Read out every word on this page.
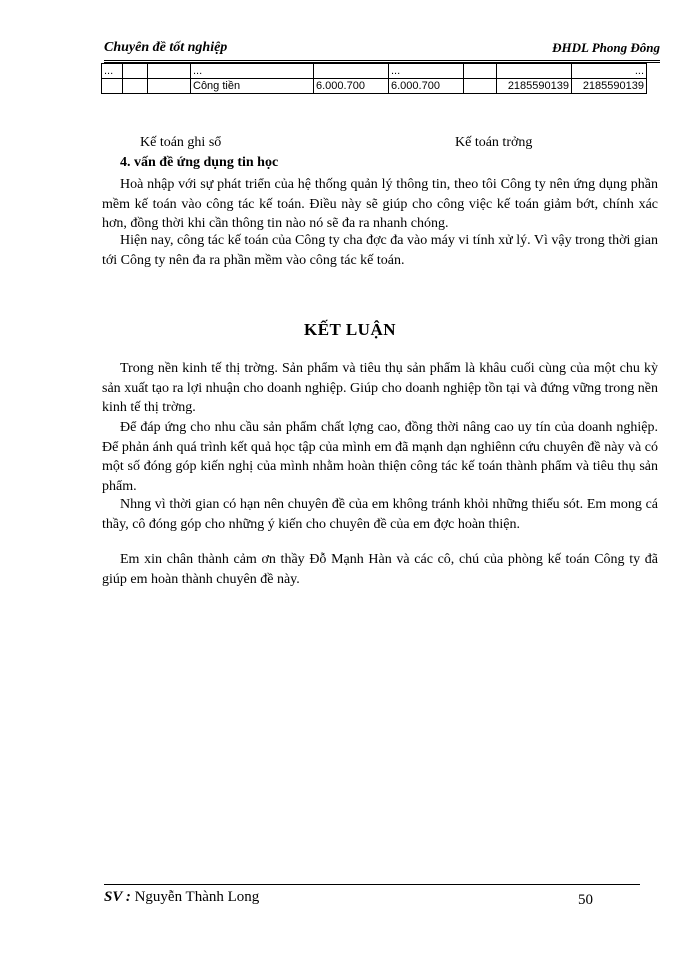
Chuyên đề tốt nghiệp	ĐHDL Phong Đông
...			...		...			...
			Công tiền	6.000.700	6.000.700		2185590139	2185590139
Kế toán ghi sổ	Kế toán trởng
4. vấn đề ứng dụng tin học

Hoà nhập với sự phát triển của hệ thống quản lý thông tin, theo tôi Công ty nên ứng dụng phần mềm kế toán vào công tác kế toán. Điều này sẽ giúp cho công việc kế toán giảm bớt, chính xác hơn, đồng thời khi cần thông tin nào nó sẽ đa ra nhanh chóng.

Hiện nay, công tác kế toán của Công ty cha đợc đa vào máy vi tính xử lý. Vì vậy trong thời gian tới Công ty nên đa ra phần mềm vào công tác kế toán.

KẾT LUẬN

Trong nền kinh tế thị trờng. Sản phẩm và tiêu thụ sản phẩm là khâu cuối cùng của một chu kỳ sản xuất tạo ra lợi nhuận cho doanh nghiệp. Giúp cho doanh nghiệp tồn tại và đứng vững trong nền kinh tế thị trờng.

Để đáp ứng cho nhu cầu sản phẩm chất lợng cao, đồng thời nâng cao uy tín của doanh nghiệp. Để phản ánh quá trình kết quả học tập của mình em đã mạnh dạn nghiênn cứu chuyên đề này và có một số đóng góp kiến nghị của mình nhằm hoàn thiện công tác kế toán thành phẩm và tiêu thụ sản phẩm.

Nhng vì thời gian có hạn nên chuyên đề của em không tránh khỏi những thiếu sót. Em mong cá thầy, cô đóng góp cho những ý kiến cho chuyên đề của em đợc hoàn thiện.

Em xin chân thành cảm ơn thầy Đỗ Mạnh Hàn và các cô, chú của phòng kế toán Công ty đã giúp em hoàn thành chuyên đề này.

SV : Nguyễn Thành Long	50
